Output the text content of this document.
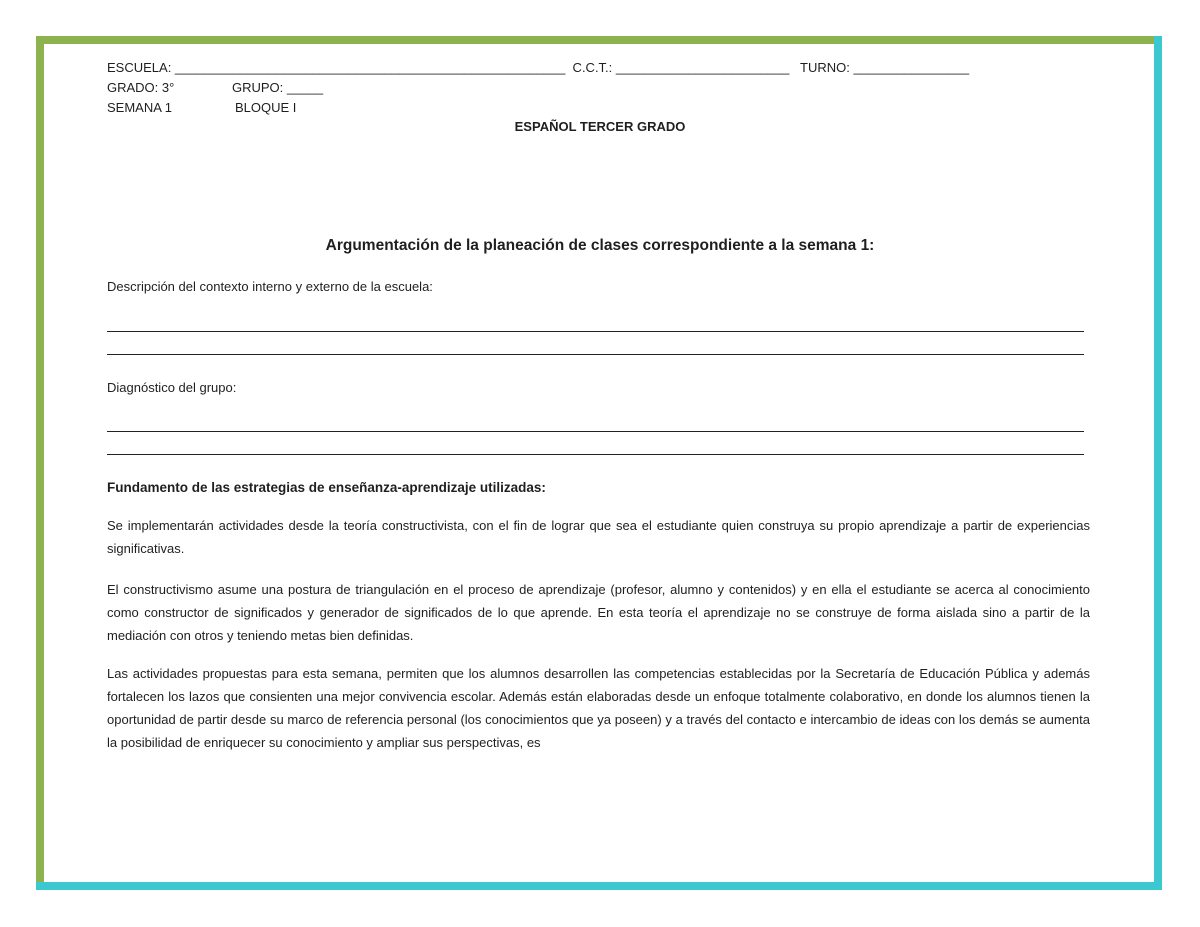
ESCUELA: ______________________________________________________  C.C.T.: ________________________   TURNO: ________________
GRADO: 3°	GRUPO: _____
SEMANA 1	BLOQUE I
ESPAÑOL TERCER GRADO
Argumentación de la planeación de clases correspondiente a la semana 1:
Descripción del contexto interno y externo de la escuela:
Diagnóstico del grupo:
Fundamento de las estrategias de enseñanza-aprendizaje utilizadas:

Se implementarán actividades desde la teoría constructivista, con el fin de lograr que sea el estudiante quien construya su propio aprendizaje a partir de experiencias significativas.

El constructivismo asume una postura de triangulación en el proceso de aprendizaje (profesor, alumno y contenidos) y en ella el estudiante se acerca al conocimiento como constructor de significados y generador de significados de lo que aprende. En esta teoría el aprendizaje no se construye de forma aislada sino a partir de la mediación con otros y teniendo metas bien definidas.

Las actividades propuestas para esta semana, permiten que los alumnos desarrollen las competencias establecidas por la Secretaría de Educación Pública y además fortalecen los lazos que consienten una mejor convivencia escolar. Además están elaboradas desde un enfoque totalmente colaborativo, en donde los alumnos tienen la oportunidad de partir desde su marco de referencia personal (los conocimientos que ya poseen) y a través del contacto e intercambio de ideas con los demás se aumenta la posibilidad de enriquecer su conocimiento y ampliar sus perspectivas, es
